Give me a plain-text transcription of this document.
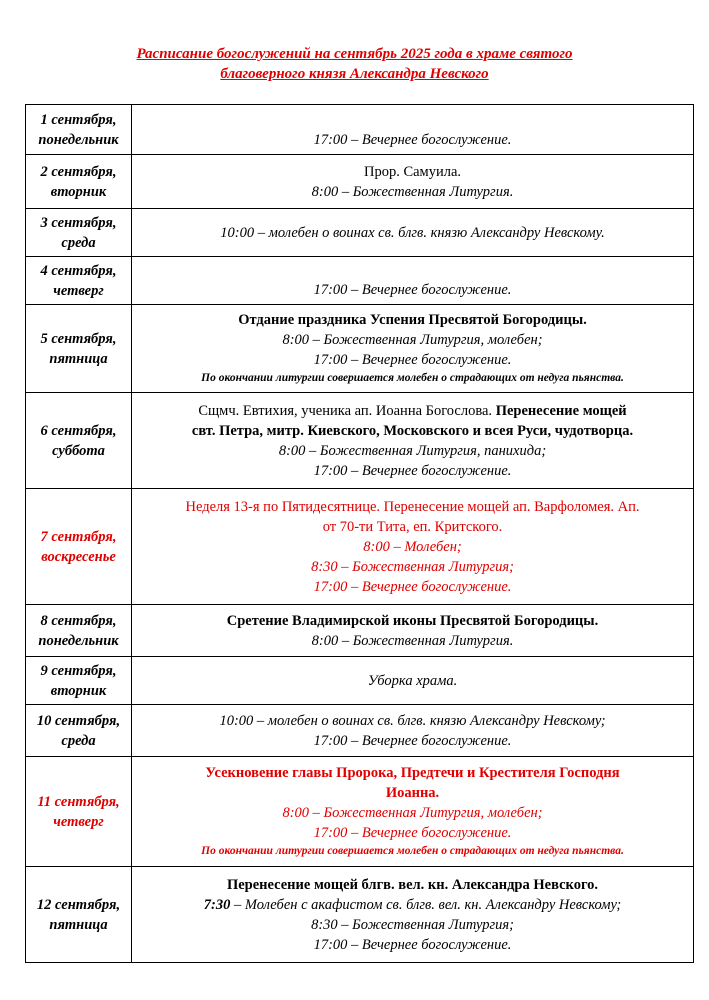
Расписание богослужений на сентябрь 2025 года в храме святого
благоверного князя Александра Невского
1 сентября,
понедельник	17:00 – Вечернее богослужение.

2 сентября,
вторник	Прор. Самуила.
8:00 – Божественная Литургия.

3 сентября,
среда	10:00 – молебен о воинах св. блгв. князю Александру Невскому.

4 сентября,
четверг	17:00 – Вечернее богослужение.

5 сентября,
пятница	Отдание праздника Успения Пресвятой Богородицы.
8:00 – Божественная Литургия, молебен;
17:00 – Вечернее богослужение.
По окончании литургии совершается молебен о страдающих от недуга пьянства.

6 сентября,
суббота	Сщмч. Евтихия, ученика ап. Иоанна Богослова. Перенесение мощей
свт. Петра, митр. Киевского, Московского и всея Руси, чудотворца.
8:00 – Божественная Литургия, панихида;
17:00 – Вечернее богослужение.

7 сентября,
воскресенье	Неделя 13-я по Пятидесятнице. Перенесение мощей ап. Варфоломея. Ап.
от 70-ти Тита, еп. Критского.
8:00 – Молебен;
8:30 – Божественная Литургия;
17:00 – Вечернее богослужение.

8 сентября,
понедельник	Сретение Владимирской иконы Пресвятой Богородицы.
8:00 – Божественная Литургия.

9 сентября,
вторник	Уборка храма.

10 сентября,
среда	10:00 – молебен о воинах св. блгв. князю Александру Невскому;
17:00 – Вечернее богослужение.

11 сентября,
четверг	Усекновение главы Пророка, Предтечи и Крестителя Господня
Иоанна.
8:00 – Божественная Литургия, молебен;
17:00 – Вечернее богослужение.
По окончании литургии совершается молебен о страдающих от недуга пьянства.

12 сентября,
пятница	Перенесение мощей блгв. вел. кн. Александра Невского.
7:30 – Молебен с акафистом св. блгв. вел. кн. Александру Невскому;
8:30 – Божественная Литургия;
17:00 – Вечернее богослужение.
